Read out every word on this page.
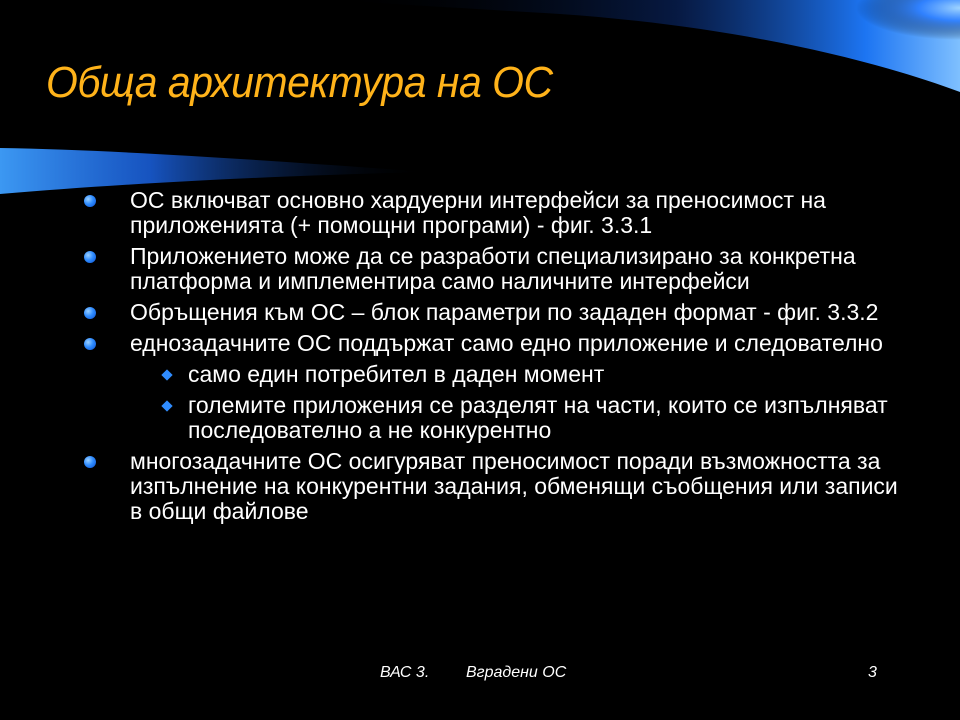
Обща архитектура на ОС
ОС включват основно хардуерни интерфейси за преносимост на приложенията (+ помощни програми) - фиг. 3.3.1
Приложението може да се разработи специализирано за конкретна платформа и имплементира само наличните интерфейси
Обръщения към ОС – блок параметри по зададен формат - фиг. 3.3.2
еднозадачните ОС поддържат само едно приложение и следователно
само един потребител в даден момент
големите приложения се разделят на части, които се изпълняват последователно а не конкурентно
многозадачните ОС осигуряват преносимост поради възможността за изпълнение на конкурентни задания, обменящи съобщения или записи в общи файлове
ВАС 3. Вградени ОС	3
